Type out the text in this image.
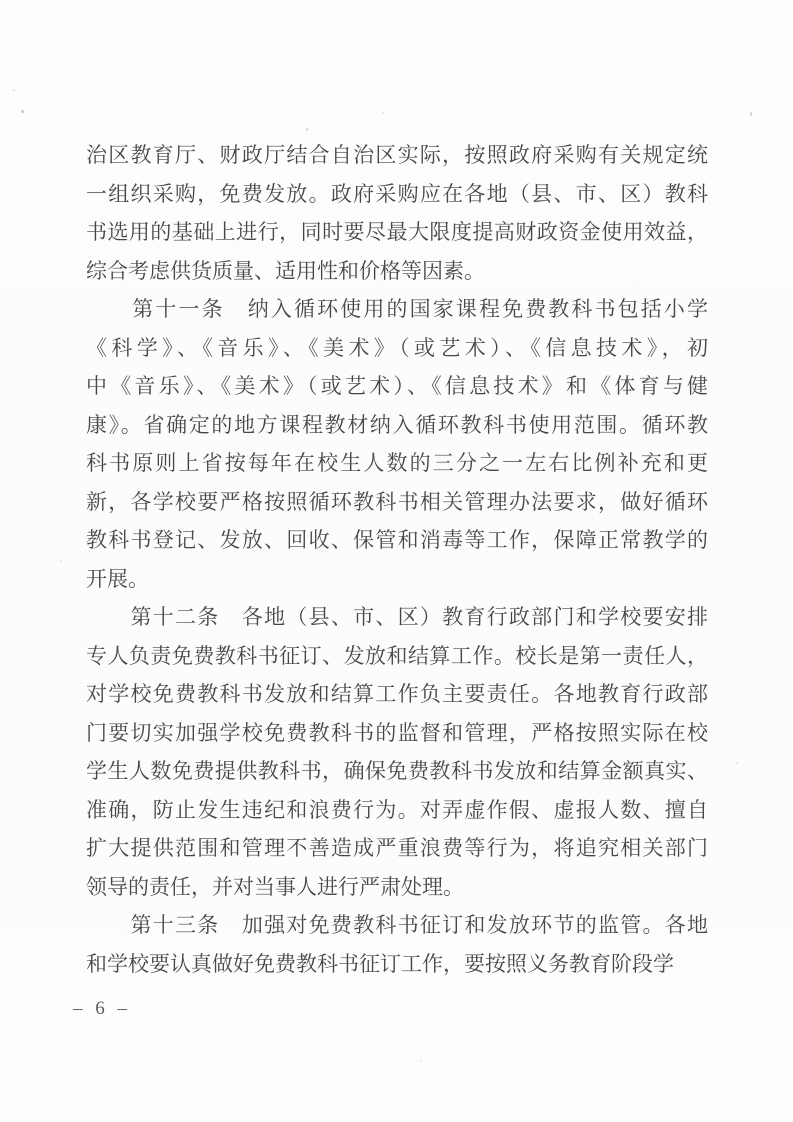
治区教育厅、财政厅结合自治区实际，按照政府采购有关规定统
一组织采购，免费发放。政府采购应在各地（县、市、区）教科
书选用的基础上进行，同时要尽最大限度提高财政资金使用效益，
综合考虑供货质量、适用性和价格等因素。
　　第十一条　纳入循环使用的国家课程免费教科书包括小学
《科学》、《音乐》、《美术》（或艺术）、《信息技术》，初
中《音乐》、《美术》（或艺术）、《信息技术》和《体育与健
康》。省确定的地方课程教材纳入循环教科书使用范围。循环教
科书原则上省按每年在校生人数的三分之一左右比例补充和更
新，各学校要严格按照循环教科书相关管理办法要求，做好循环
教科书登记、发放、回收、保管和消毒等工作，保障正常教学的
开展。
　　第十二条　各地（县、市、区）教育行政部门和学校要安排
专人负责免费教科书征订、发放和结算工作。校长是第一责任人，
对学校免费教科书发放和结算工作负主要责任。各地教育行政部
门要切实加强学校免费教科书的监督和管理，严格按照实际在校
学生人数免费提供教科书，确保免费教科书发放和结算金额真实、
准确，防止发生违纪和浪费行为。对弄虚作假、虚报人数、擅自
扩大提供范围和管理不善造成严重浪费等行为，将追究相关部门
领导的责任，并对当事人进行严肃处理。
　　第十三条　加强对免费教科书征订和发放环节的监管。各地
和学校要认真做好免费教科书征订工作，要按照义务教育阶段学
– 6 –
